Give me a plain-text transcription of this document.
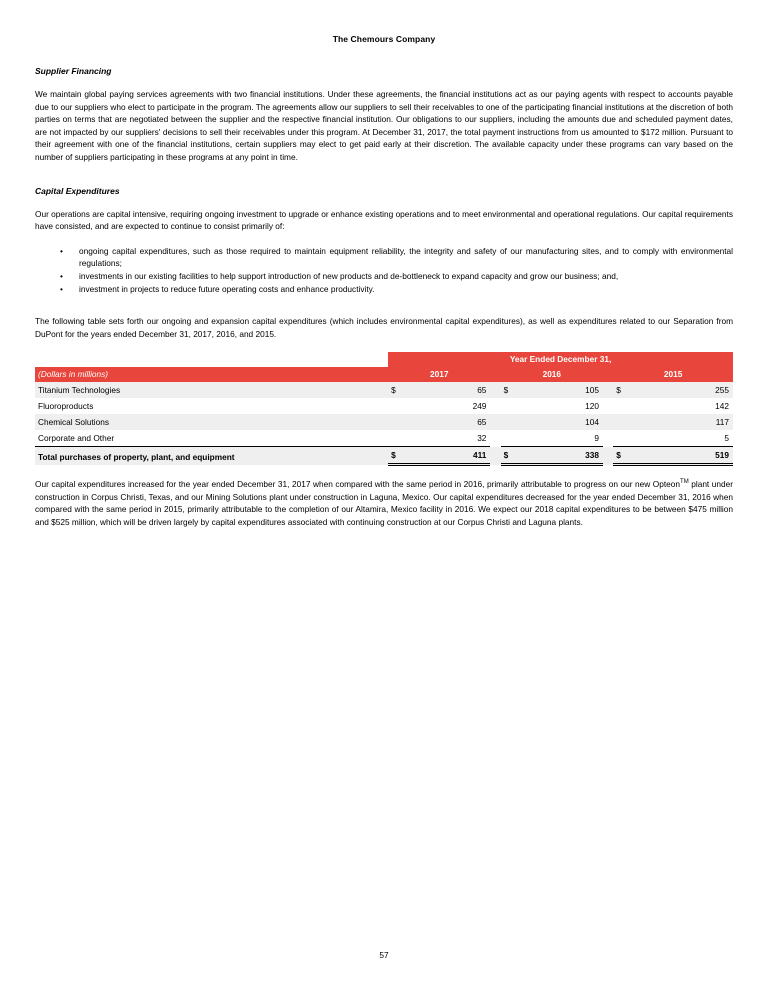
The Chemours Company
Supplier Financing

We maintain global paying services agreements with two financial institutions. Under these agreements, the financial institutions act as our paying agents with respect to accounts payable due to our suppliers who elect to participate in the program. The agreements allow our suppliers to sell their receivables to one of the participating financial institutions at the discretion of both parties on terms that are negotiated between the supplier and the respective financial institution. Our obligations to our suppliers, including the amounts due and scheduled payment dates, are not impacted by our suppliers' decisions to sell their receivables under this program. At December 31, 2017, the total payment instructions from us amounted to $172 million. Pursuant to their agreement with one of the financial institutions, certain suppliers may elect to get paid early at their discretion. The available capacity under these programs can vary based on the number of suppliers participating in these programs at any point in time.

Capital Expenditures

Our operations are capital intensive, requiring ongoing investment to upgrade or enhance existing operations and to meet environmental and operational regulations. Our capital requirements have consisted, and are expected to continue to consist primarily of:

• ongoing capital expenditures, such as those required to maintain equipment reliability, the integrity and safety of our manufacturing sites, and to comply with environmental regulations;
• investments in our existing facilities to help support introduction of new products and de-bottleneck to expand capacity and grow our business; and,
• investment in projects to reduce future operating costs and enhance productivity.

The following table sets forth our ongoing and expansion capital expenditures (which includes environmental capital expenditures), as well as expenditures related to our Separation from DuPont for the years ended December 31, 2017, 2016, and 2015.

	Year Ended December 31,							
(Dollars in millions)	2017			2016			2015	
Titanium Technologies	$	65		$	105		$	255
Fluoroproducts		249			120			142
Chemical Solutions		65			104			117
Corporate and Other		32			9			5
Total purchases of property, plant, and equipment	$	411		$	338		$	519

Our capital expenditures increased for the year ended December 31, 2017 when compared with the same period in 2016, primarily attributable to progress on our new Opteon™ plant under construction in Corpus Christi, Texas, and our Mining Solutions plant under construction in Laguna, Mexico. Our capital expenditures decreased for the year ended December 31, 2016 when compared with the same period in 2015, primarily attributable to the completion of our Altamira, Mexico facility in 2016. We expect our 2018 capital expenditures to be between $475 million and $525 million, which will be driven largely by capital expenditures associated with continuing construction at our Corpus Christi and Laguna plants.

57
